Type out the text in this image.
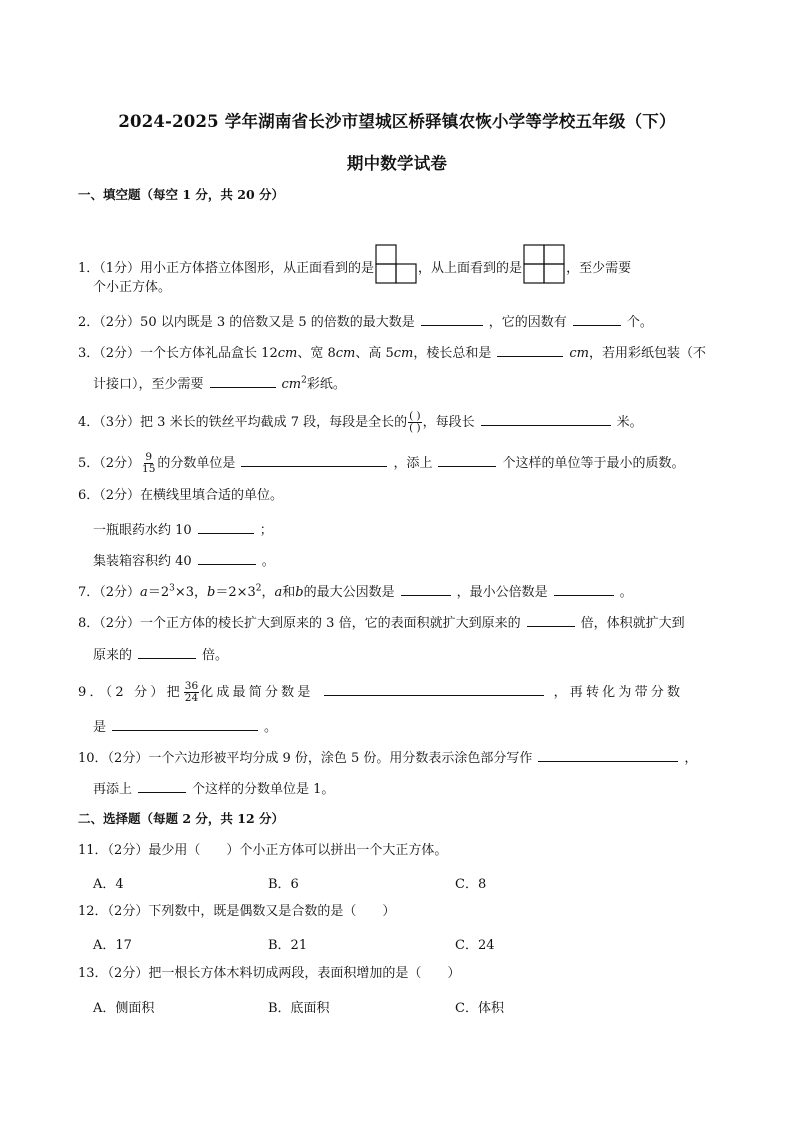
2024-2025 学年湖南省长沙市望城区桥驿镇农恢小学等学校五年级（下）
期中数学试卷
一、填空题（每空 1 分，共 20 分）
1．（1分）用小正方体搭立体图形，从正面看到的是	，从上面看到的是	，至少需要
个小正方体。
2．（2分）50 以内既是 3 的倍数又是 5 的倍数的最大数是	，它的因数有	个。
3．（2分）一个长方体礼品盒长 12cm、宽 8cm、高 5cm，棱长总和是	cm，若用彩纸包装（不
计接口），至少需要	$cm^2$彩纸。
4．（3分）把 3 米长的铁丝平均截成 7 段，每段是全长的 $\frac{( )}{( )}$ ，每段长	米。
5．（2分） $\frac{9}{15}$ 的分数单位是	，添上	个这样的单位等于最小的质数。
6．（2分）在横线里填合适的单位。
一瓶眼药水约 10	；
集装箱容积约 40	。
7．（2分）$a=2^3\times 3$，$b=2\times 3^2$，a和b的最大公因数是	，最小公倍数是	。
8．（2分）一个正方体的棱长扩大到原来的 3 倍，它的表面积就扩大到原来的	倍，体积就扩大到
原来的	倍。
9．（2 分）把 $\frac{36}{24}$ 化成最简分数是	，再转化为带分数
是	。
10．（2分）一个六边形被平均分成 9 份，涂色 5 份。用分数表示涂色部分写作	，
再添上	个这样的分数单位是 1。
二、选择题（每题 2 分，共 12 分）
11．（2分）最少用（　　）个小正方体可以拼出一个大正方体。
A．4	B．6	C．8
12．（2分）下列数中，既是偶数又是合数的是（　　）
A．17	B．21	C．24
13．（2分）把一根长方体木料切成两段，表面积增加的是（　　）
A．侧面积	B．底面积	C．体积
